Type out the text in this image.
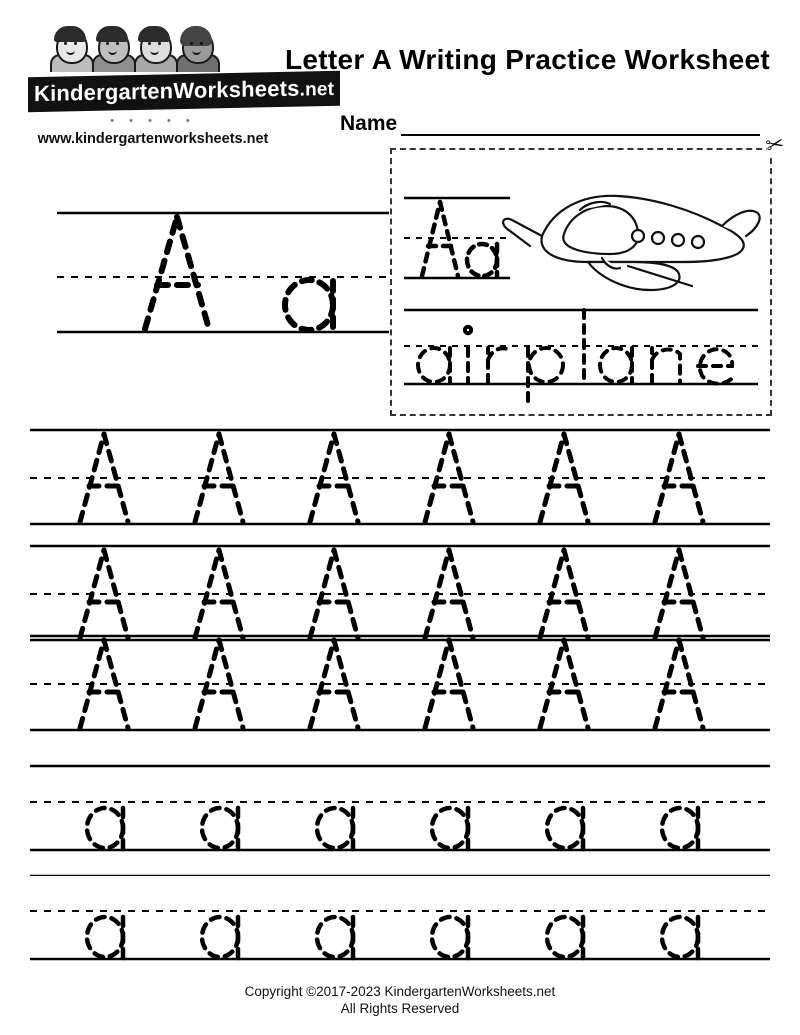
KindergartenWorksheets.net
• • • • •
www.kindergartenworksheets.net
Letter A Writing Practice Worksheet
Name
✂
Copyright ©2017-2023 KindergartenWorksheets.net
All Rights Reserved
